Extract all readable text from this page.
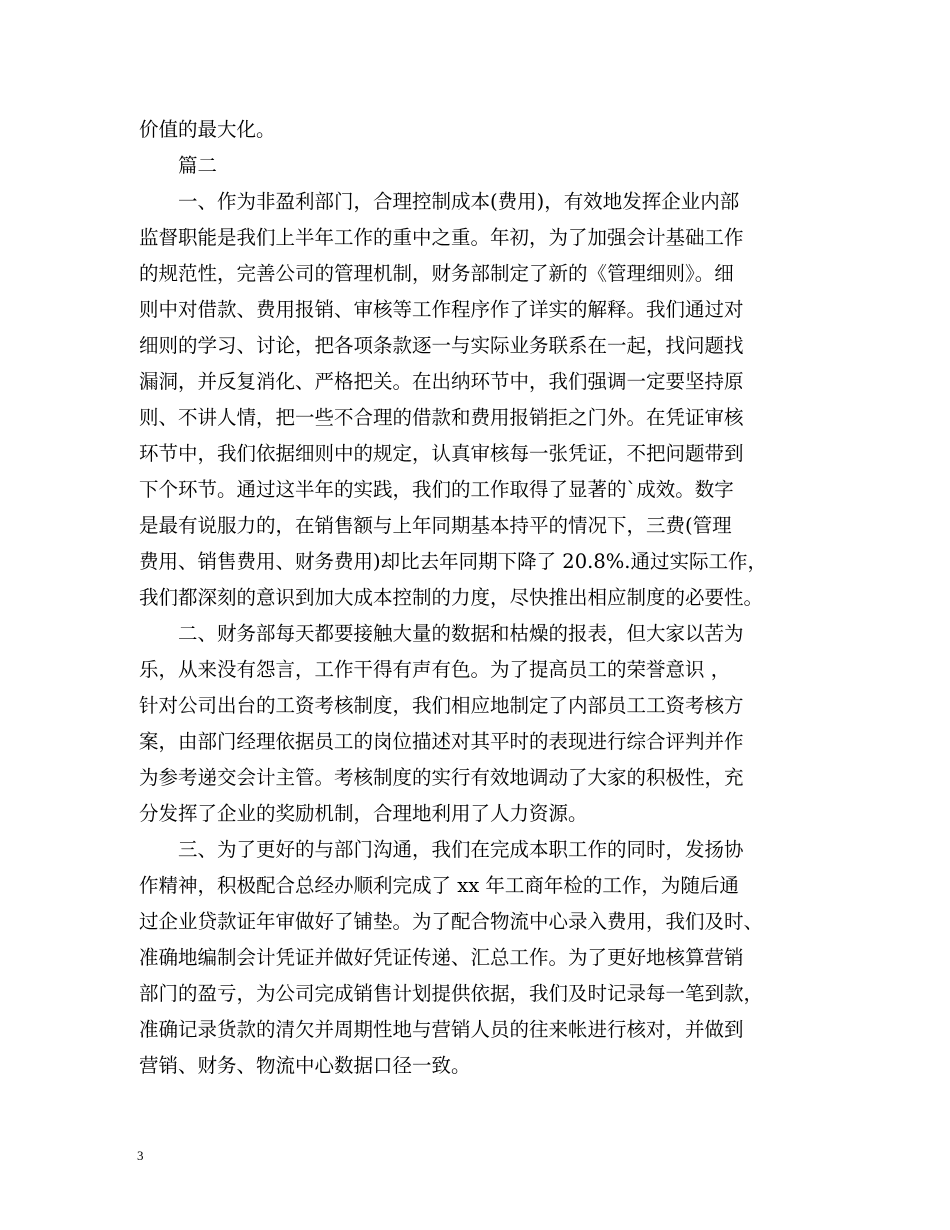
价值的最大化。

　　篇二

　　一、作为非盈利部门，合理控制成本(费用)，有效地发挥企业内部

监督职能是我们上半年工作的重中之重。年初，为了加强会计基础工作

的规范性，完善公司的管理机制，财务部制定了新的《管理细则》。细

则中对借款、费用报销、审核等工作程序作了详实的解释。我们通过对

细则的学习、讨论，把各项条款逐一与实际业务联系在一起，找问题找

漏洞，并反复消化、严格把关。在出纳环节中，我们强调一定要坚持原

则、不讲人情，把一些不合理的借款和费用报销拒之门外。在凭证审核

环节中，我们依据细则中的规定，认真审核每一张凭证，不把问题带到

下个环节。通过这半年的实践，我们的工作取得了显著的`成效。数字

是最有说服力的，在销售额与上年同期基本持平的情况下，三费(管理

费用、销售费用、财务费用)却比去年同期下降了 20.8%.通过实际工作，

我们都深刻的意识到加大成本控制的力度，尽快推出相应制度的必要性。

　　二、财务部每天都要接触大量的数据和枯燥的报表，但大家以苦为

乐，从来没有怨言，工作干得有声有色。为了提高员工的荣誉意识 ，

针对公司出台的工资考核制度，我们相应地制定了内部员工工资考核方

案，由部门经理依据员工的岗位描述对其平时的表现进行综合评判并作

为参考递交会计主管。考核制度的实行有效地调动了大家的积极性，充

分发挥了企业的奖励机制，合理地利用了人力资源。

　　三、为了更好的与部门沟通，我们在完成本职工作的同时，发扬协

作精神，积极配合总经办顺利完成了 xx 年工商年检的工作，为随后通

过企业贷款证年审做好了铺垫。为了配合物流中心录入费用，我们及时、

准确地编制会计凭证并做好凭证传递、汇总工作。为了更好地核算营销

部门的盈亏，为公司完成销售计划提供依据，我们及时记录每一笔到款，

准确记录货款的清欠并周期性地与营销人员的往来帐进行核对，并做到

营销、财务、物流中心数据口径一致。

3
